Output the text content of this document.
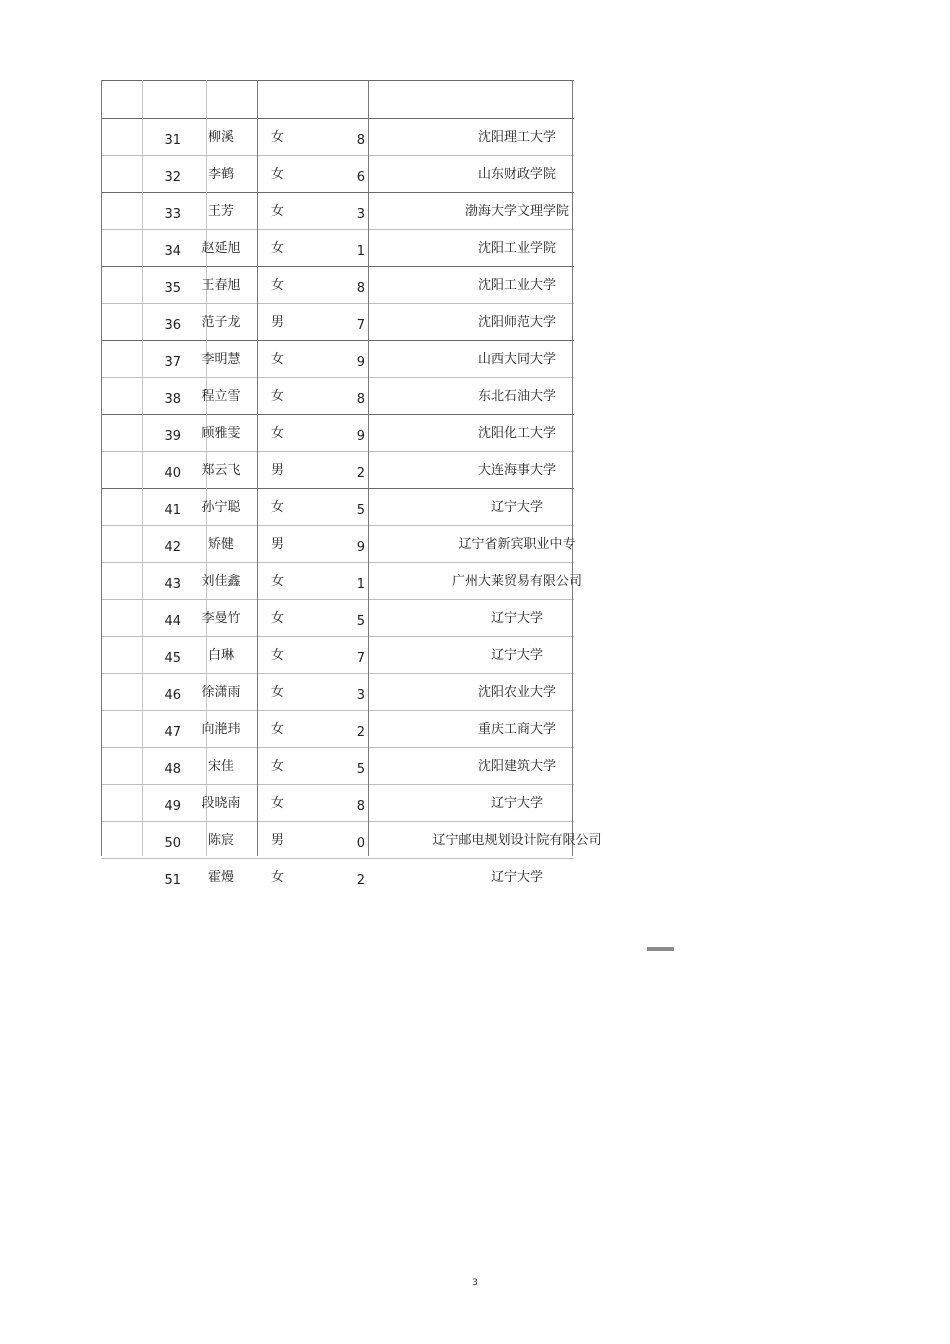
31	柳溪	女	8	沈阳理工大学
32	李鹤	女	6	山东财政学院
33	王芳	女	3	渤海大学文理学院
34 赵延旭 女	1	沈阳工业学院
35 王春旭 女	8	沈阳工业大学
36 范子龙 男	7	沈阳师范大学
37 李明慧 女	9	山西大同大学
38 程立雪 女	8	东北石油大学
39 顾雅雯 女	9	沈阳化工大学
40 郑云飞 男	2	大连海事大学
41 孙宁聪 女	5	辽宁大学
42	矫健	男	9	辽宁省新宾职业中专
43 刘佳鑫 女	1	广州大莱贸易有限公司
44 李曼竹 女	5	辽宁大学
45	白琳	女	7	辽宁大学
46 徐潇雨 女	3	沈阳农业大学
47 向滟玮 女	2	重庆工商大学
48	宋佳	女	5	沈阳建筑大学
49 段晓南 女	8	辽宁大学
50	陈宸	男	0	辽宁邮电规划设计院有限公司
51	霍熳	女	2	辽宁大学
3
